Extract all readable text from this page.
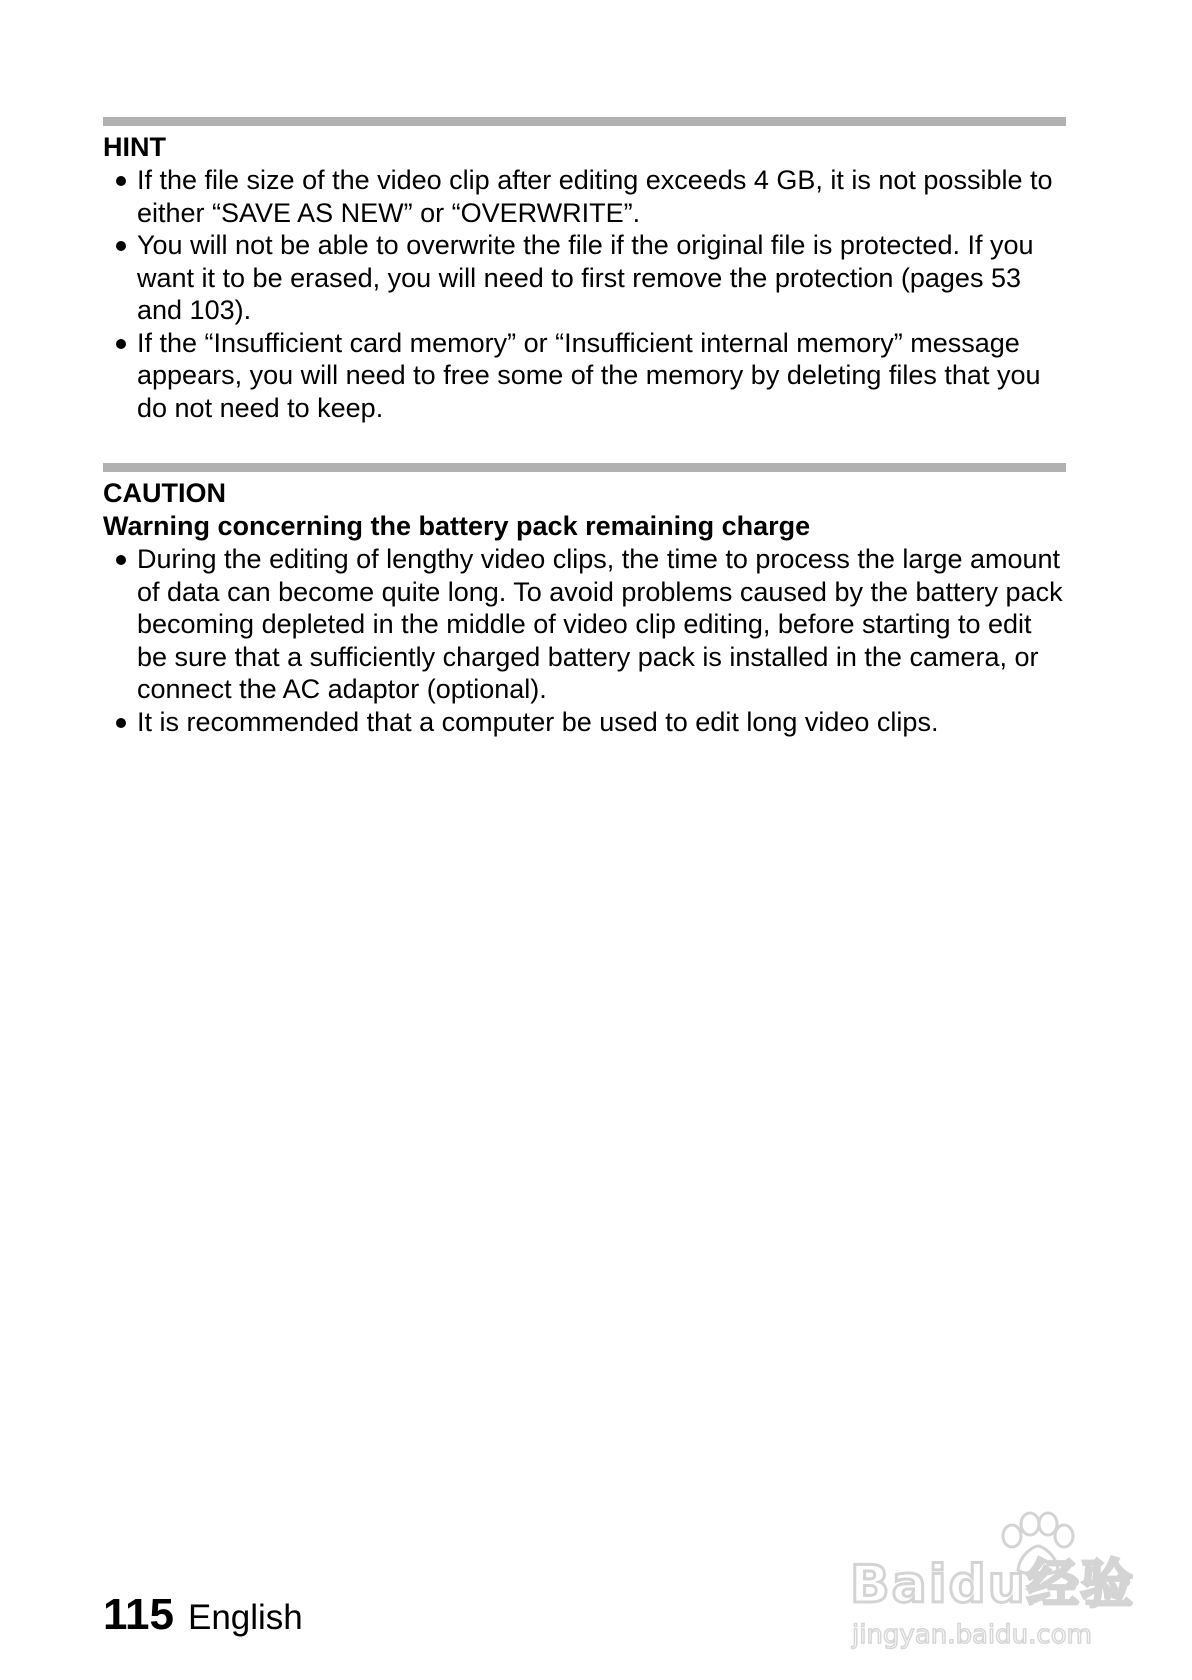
HINT
If the file size of the video clip after editing exceeds 4 GB, it is not possible to either “SAVE AS NEW” or “OVERWRITE”.
You will not be able to overwrite the file if the original file is protected. If you want it to be erased, you will need to first remove the protection (pages 53 and 103).
If the “Insufficient card memory” or “Insufficient internal memory” message appears, you will need to free some of the memory by deleting files that you do not need to keep.
CAUTION
Warning concerning the battery pack remaining charge
During the editing of lengthy video clips, the time to process the large amount of data can become quite long. To avoid problems caused by the battery pack becoming depleted in the middle of video clip editing, before starting to edit be sure that a sufficiently charged battery pack is installed in the camera, or connect the AC adaptor (optional).
It is recommended that a computer be used to edit long video clips.
115 English
Baidu经验
jingyan.baidu.com
